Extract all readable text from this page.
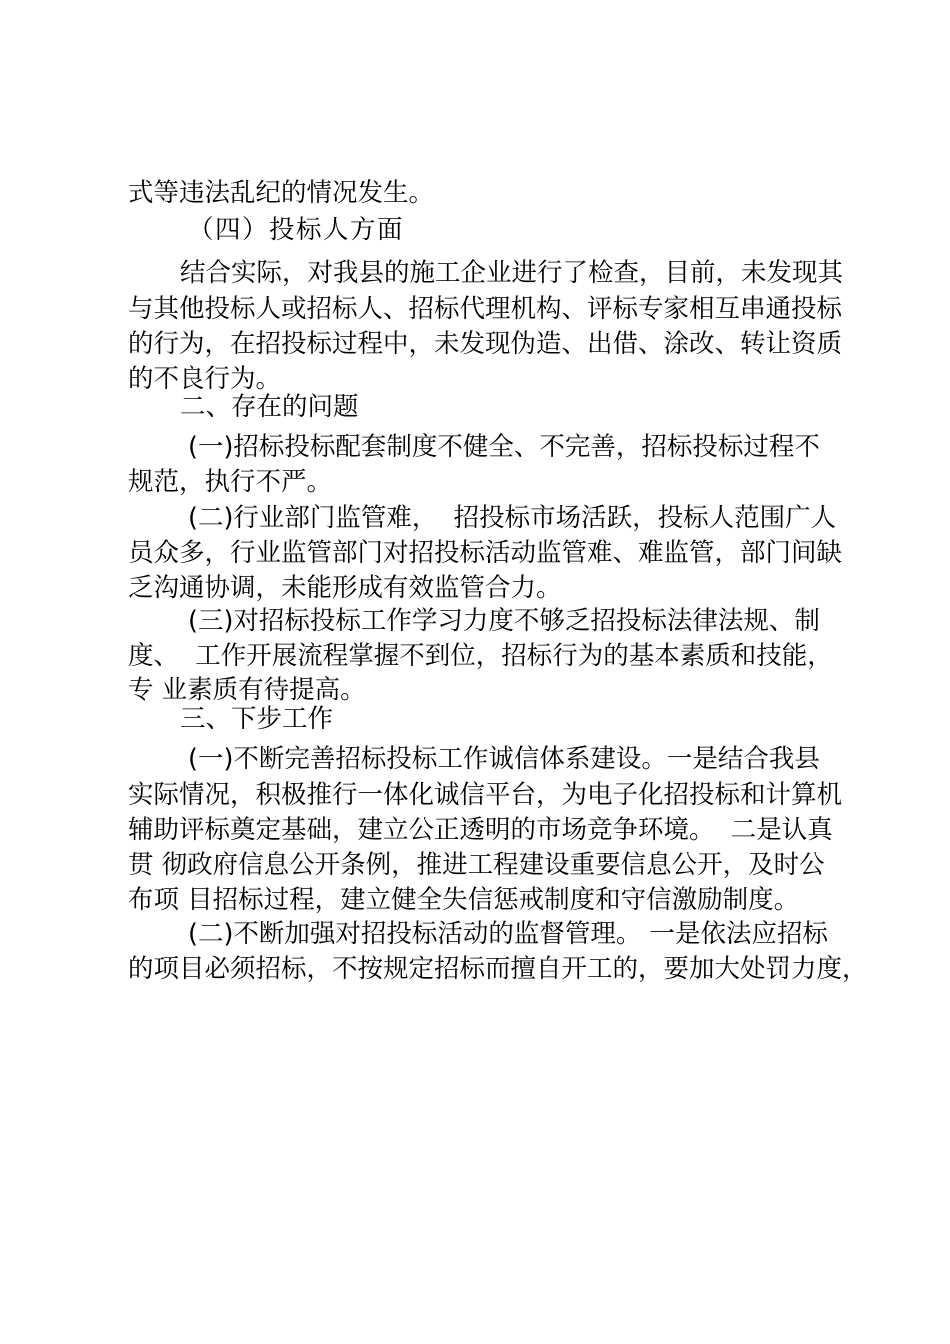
式等违法乱纪的情况发生。
（四）投标人方面
结合实际，对我县的施工企业进行了检查，目前，未发现其
与其他投标人或招标人、招标代理机构、评标专家相互串通投标
的行为，在招投标过程中，未发现伪造、出借、涂改、转让资质
的不良行为。
二、存在的问题
(一)招标投标配套制度不健全、不完善，招标投标过程不
规范，执行不严。
(二)行业部门监管难，  招投标市场活跃，投标人范围广人
员众多，行业监管部门对招投标活动监管难、难监管，部门间缺
乏沟通协调，未能形成有效监管合力。
(三)对招标投标工作学习力度不够乏招投标法律法规、制
度、  工作开展流程掌握不到位，招标行为的基本素质和技能，
专 业素质有待提高。
三、下步工作
(一)不断完善招标投标工作诚信体系建设。一是结合我县
实际情况，积极推行一体化诚信平台，为电子化招投标和计算机
辅助评标奠定基础，建立公正透明的市场竞争环境。  二是认真
贯 彻政府信息公开条例，推进工程建设重要信息公开，及时公
布项 目招标过程，建立健全失信惩戒制度和守信激励制度。
(二)不断加强对招投标活动的监督管理。 一是依法应招标
的项目必须招标，不按规定招标而擅自开工的，要加大处罚力度，
